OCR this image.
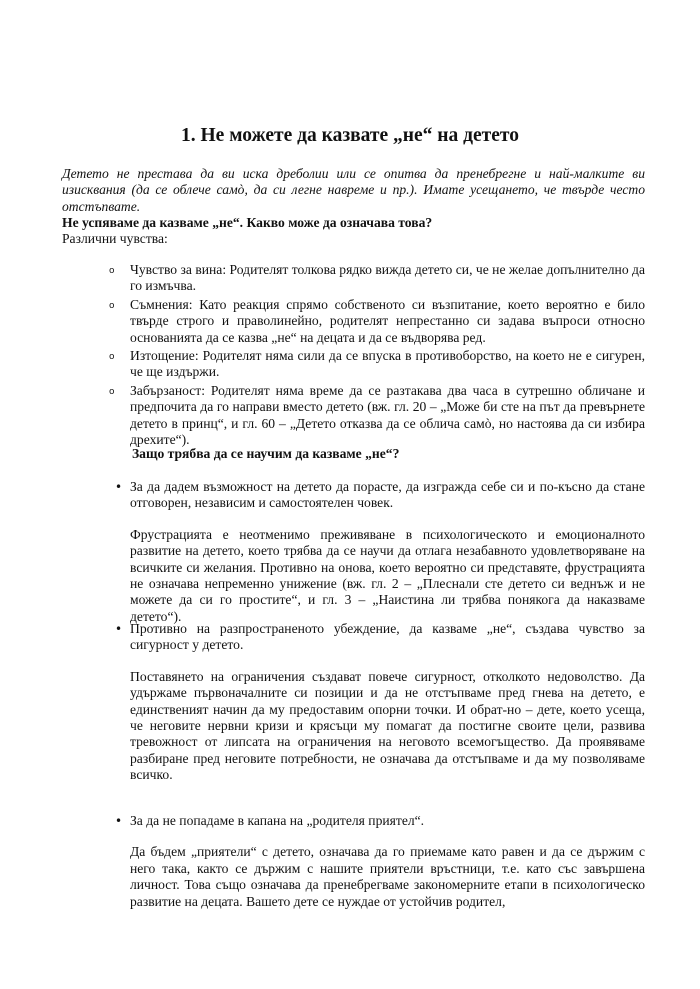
1. Не можете да казвате „не“ на детето

Детето не престава да ви иска дреболии или се опитва да пренебрегне и най-малките ви изисквания (да се облече самò, да си легне навреме и пр.). Имате усещането, че твърде често отстъпвате.

Не успяваме да казваме „не“. Какво може да означава това?

Различни чувства:

o Чувство за вина: Родителят толкова рядко вижда детето си, че не желае допълнително да го измъчва.
o Съмнения: Като реакция спрямо собственото си възпитание, което вероятно е било твърде строго и праволинейно, родителят непрестанно си задава въпроси относно основанията да се казва „не“ на децата и да се въдворява ред.
o Изтощение: Родителят няма сили да се впуска в противоборство, на което не е сигурен, че ще издържи.
o Забързаност: Родителят няма време да се разтакава два часа в сутрешно обличане и предпочита да го направи вместо детето (вж. гл. 20 – „Може би сте на път да превърнете детето в принц“, и гл. 60 – „Детето отказва да се облича самò, но настоява да си избира дрехите“).

Защо трябва да се научим да казваме „не“?

• За да дадем възможност на детето да порасте, да изгражда себе си и по-късно да стане отговорен, независим и самостоятелен човек.
Фрустрацията е неотменимо преживяване в психологическото и емоционалното развитие на детето, което трябва да се научи да отлага незабавното удовлетворяване на всичките си желания. Противно на онова, което вероятно си представяте, фрустрацията не означава непременно унижение (вж. гл. 2 – „Плеснали сте детето си веднъж и не можете да си го простите“, и гл. 3 – „Наистина ли трябва понякога да наказваме детето“).
• Противно на разпространеното убеждение, да казваме „не“, създава чувство за сигурност у детето.
Поставянето на ограничения създават повече сигурност, отколкото недоволство. Да удържаме първоначалните си позиции и да не отстъпваме пред гнева на детето, е единственият начин да му предоставим опорни точки. И обрат-но – дете, което усеща, че неговите нервни кризи и крясъци му помагат да постигне своите цели, развива тревожност от липсата на ограничения на неговото всемогъщество. Да проявяваме разбиране пред неговите потребности, не означава да отстъпваме и да му позволяваме всичко.
• За да не попадаме в капана на „родителя приятел“.
Да бъдем „приятели“ с детето, означава да го приемаме като равен и да се държим с него така, както се държим с нашите приятели връстници, т.е. като със завършена личност. Това също означава да пренебрегваме закономерните етапи в психологическо развитие на децата. Вашето дете се нуждае от устойчив родител,
